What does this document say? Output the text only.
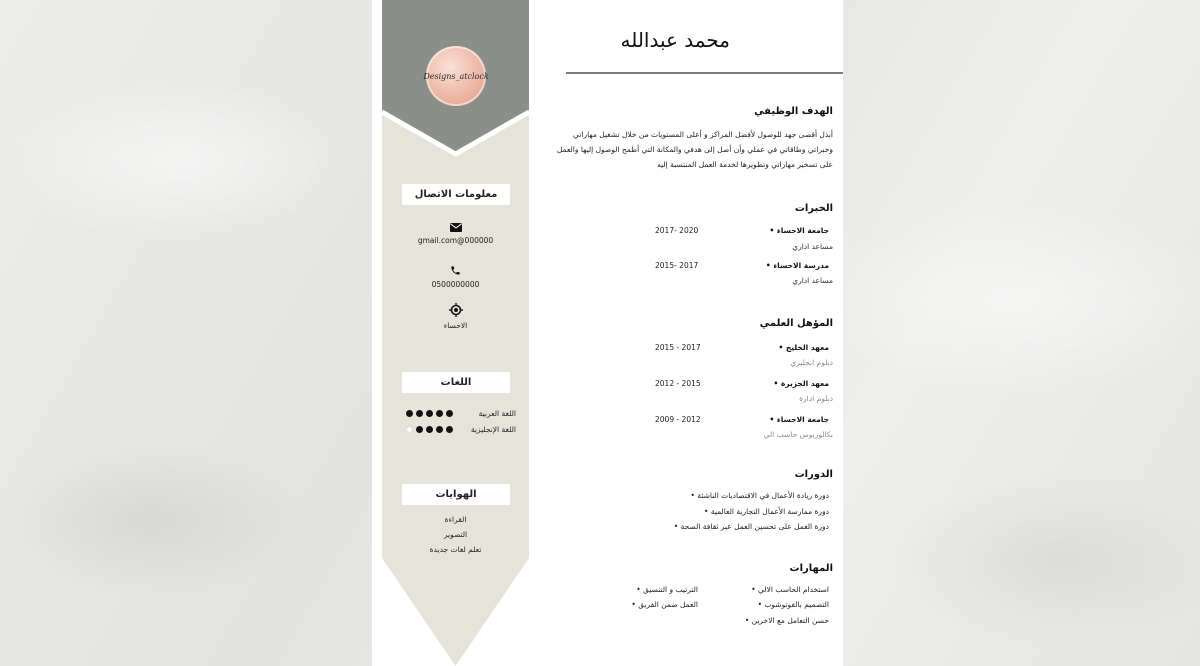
Designs_atclock
معلومات الاتصال
000000@gmail.com
0500000000
الاحساء
اللغات
اللغة العربية
اللغة الإنجليزية
الهوايات
القراءة
التصوير
تعلم لغات جديدة
محمد عبدالله
الهدف الوظيفي
أبذل أقصى جهد للوصول لأفضل المراكز و أعلى المستويات من خلال تشغيل مهاراتي
وخبراتي وطاقاتي في عملي وأن أصل إلى هدفي والمكانة التي أطمح الوصول إليها والعمل
على تسخير مهاراتي وتطويرها لخدمة العمل المنتسبة إليه
الخبرات
جامعة الاحساء •
2017- 2020
مساعد اداري
مدرسة الاحساء •
2015- 2017
مساعد اداري
المؤهل العلمي
معهد الخليج •
2015 - 2017
دبلوم انجليزي
معهد الجزيرة •
2012 - 2015
دبلوم ادارة
جامعة الاحساء •
2009 - 2012
بكالوريوس حاسب الي
الدورات
دورة ريادة الأعمال في الاقتصاديات الناشئة •
دورة ممارسة الأعمال التجارية العالمية •
دورة العمل على تحسين العمل عبر ثقافة الصحة •
المهارات
استخدام الحاسب الالي •
الترتيب و التنسيق •
التصميم بالفوتوشوب •
العمل ضمن الفريق •
حسن التعامل مع الاخرين •
